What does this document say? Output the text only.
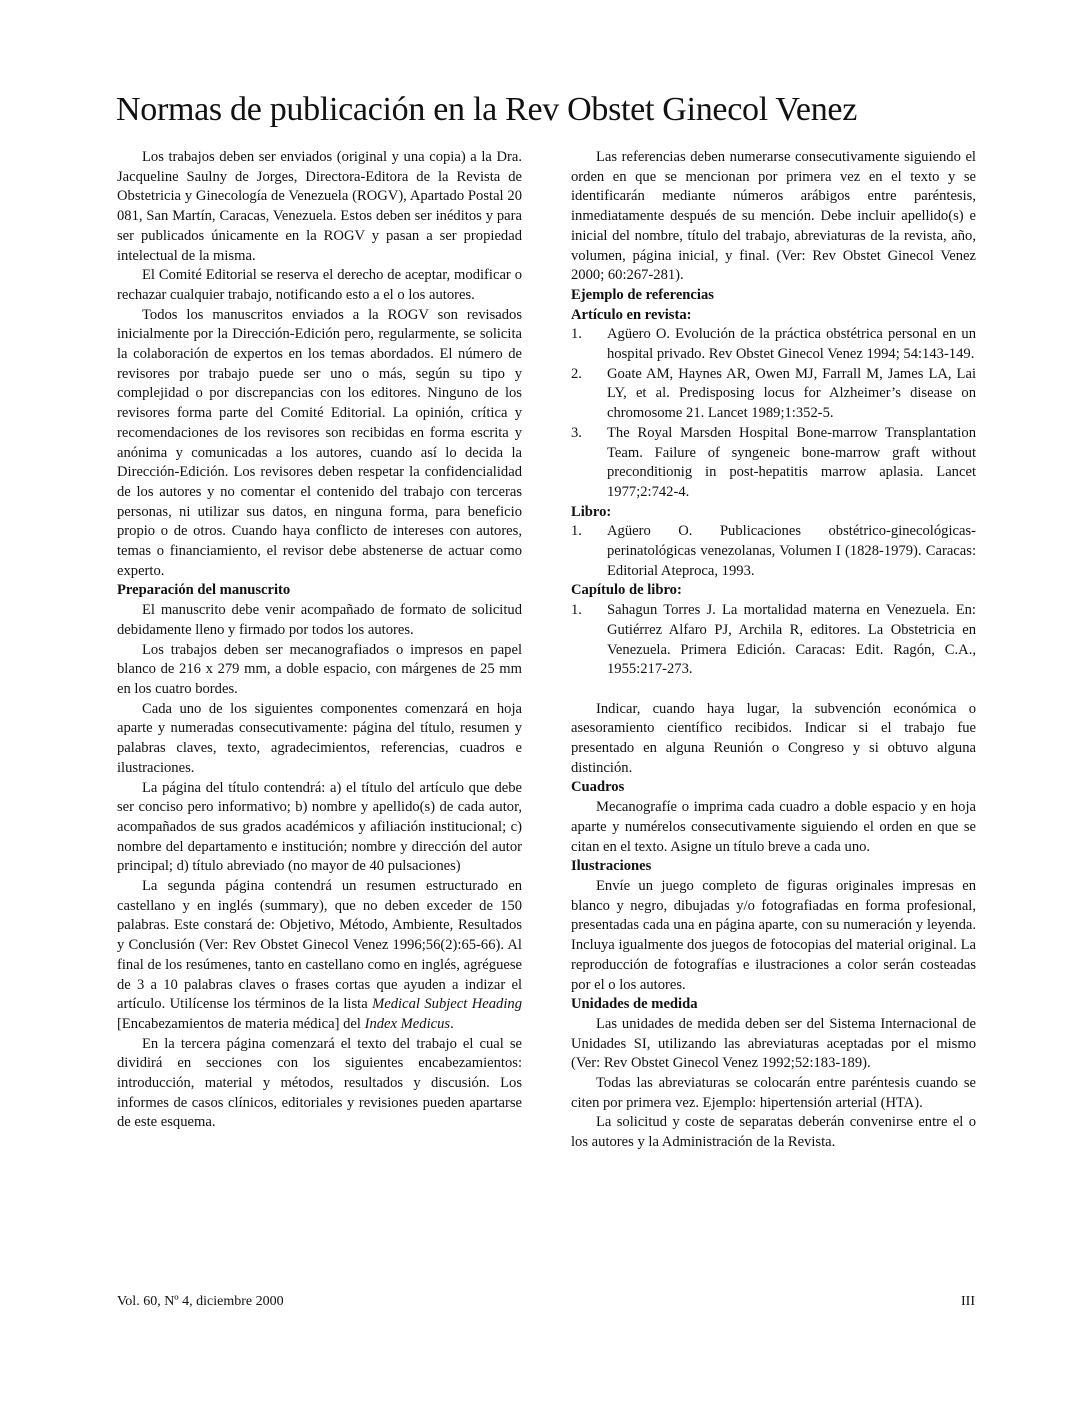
Normas de publicación en la Rev Obstet Ginecol Venez

Los trabajos deben ser enviados (original y una copia) a la Dra. Jacqueline Saulny de Jorges, Directora-Editora de la Revista de Obstetricia y Ginecología de Venezuela (ROGV), Apartado Postal 20 081, San Martín, Caracas, Venezuela. Estos deben ser inéditos y para ser publicados únicamente en la ROGV y pasan a ser propiedad intelectual de la misma.

El Comité Editorial se reserva el derecho de aceptar, modificar o rechazar cualquier trabajo, notificando esto a el o los autores.

Todos los manuscritos enviados a la ROGV son revisados inicialmente por la Dirección-Edición pero, regularmente, se solicita la colaboración de expertos en los temas abordados. El número de revisores por trabajo puede ser uno o más, según su tipo y complejidad o por discrepancias con los editores. Ninguno de los revisores forma parte del Comité Editorial. La opinión, crítica y recomendaciones de los revisores son recibidas en forma escrita y anónima y comunicadas a los autores, cuando así lo decida la Dirección-Edición. Los revisores deben respetar la confidencialidad de los autores y no comentar el contenido del trabajo con terceras personas, ni utilizar sus datos, en ninguna forma, para beneficio propio o de otros. Cuando haya conflicto de intereses con autores, temas o financiamiento, el revisor debe abstenerse de actuar como experto.

Preparación del manuscrito

El manuscrito debe venir acompañado de formato de solicitud debidamente lleno y firmado por todos los autores.

Los trabajos deben ser mecanografiados o impresos en papel blanco de 216 x 279 mm, a doble espacio, con márgenes de 25 mm en los cuatro bordes.

Cada uno de los siguientes componentes comenzará en hoja aparte y numeradas consecutivamente: página del título, resumen y palabras claves, texto, agradecimientos, referencias, cuadros e ilustraciones.

La página del título contendrá: a) el título del artículo que debe ser conciso pero informativo; b) nombre y apellido(s) de cada autor, acompañados de sus grados académicos y afiliación institucional; c) nombre del departamento e institución; nombre y dirección del autor principal; d) título abreviado (no mayor de 40 pulsaciones)

La segunda página contendrá un resumen estructurado en castellano y en inglés (summary), que no deben exceder de 150 palabras. Este constará de: Objetivo, Método, Ambiente, Resultados y Conclusión (Ver: Rev Obstet Ginecol Venez 1996;56(2):65-66). Al final de los resúmenes, tanto en castellano como en inglés, agréguese de 3 a 10 palabras claves o frases cortas que ayuden a indizar el artículo. Utilícense los términos de la lista Medical Subject Heading [Encabezamientos de materia médica] del Index Medicus.

En la tercera página comenzará el texto del trabajo el cual se dividirá en secciones con los siguientes encabezamientos: introducción, material y métodos, resultados y discusión. Los informes de casos clínicos, editoriales y revisiones pueden apartarse de este esquema.

Las referencias deben numerarse consecutivamente siguiendo el orden en que se mencionan por primera vez en el texto y se identificarán mediante números arábigos entre paréntesis, inmediatamente después de su mención. Debe incluir apellido(s) e inicial del nombre, título del trabajo, abreviaturas de la revista, año, volumen, página inicial, y final. (Ver: Rev Obstet Ginecol Venez 2000; 60:267-281).

Ejemplo de referencias
Artículo en revista:
1. Agüero O. Evolución de la práctica obstétrica personal en un hospital privado. Rev Obstet Ginecol Venez 1994; 54:143-149.
2. Goate AM, Haynes AR, Owen MJ, Farrall M, James LA, Lai LY, et al. Predisposing locus for Alzheimer’s disease on chromosome 21. Lancet 1989;1:352-5.
3. The Royal Marsden Hospital Bone-marrow Transplantation Team. Failure of syngeneic bone-marrow graft without preconditionig in post-hepatitis marrow aplasia. Lancet 1977;2:742-4.
Libro:
1. Agüero O. Publicaciones obstétrico-ginecológicas-perinatológicas venezolanas, Volumen I (1828-1979). Caracas: Editorial Ateproca, 1993.
Capítulo de libro:
1. Sahagun Torres J. La mortalidad materna en Venezuela. En: Gutiérrez Alfaro PJ, Archila R, editores. La Obstetricia en Venezuela. Primera Edición. Caracas: Edit. Ragón, C.A., 1955:217-273.

Indicar, cuando haya lugar, la subvención económica o asesoramiento científico recibidos. Indicar si el trabajo fue presentado en alguna Reunión o Congreso y si obtuvo alguna distinción.

Cuadros

Mecanografíe o imprima cada cuadro a doble espacio y en hoja aparte y numérelos consecutivamente siguiendo el orden en que se citan en el texto. Asigne un título breve a cada uno.

Ilustraciones

Envíe un juego completo de figuras originales impresas en blanco y negro, dibujadas y/o fotografiadas en forma profesional, presentadas cada una en página aparte, con su numeración y leyenda. Incluya igualmente dos juegos de fotocopias del material original. La reproducción de fotografías e ilustraciones a color serán costeadas por el o los autores.

Unidades de medida

Las unidades de medida deben ser del Sistema Internacional de Unidades SI, utilizando las abreviaturas aceptadas por el mismo (Ver: Rev Obstet Ginecol Venez 1992;52:183-189).

Todas las abreviaturas se colocarán entre paréntesis cuando se citen por primera vez. Ejemplo: hipertensión arterial (HTA).

La solicitud y coste de separatas deberán convenirse entre el o los autores y la Administración de la Revista.

Vol. 60, Nº 4, diciembre 2000	III
